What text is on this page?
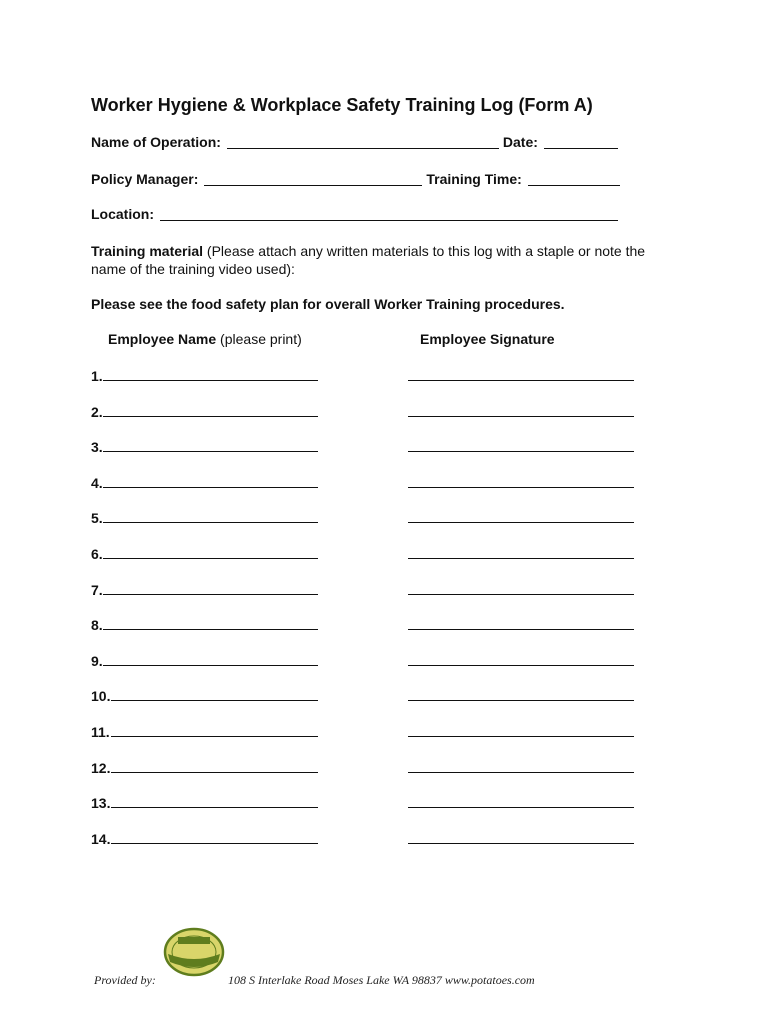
Worker Hygiene & Workplace Safety Training Log (Form A)
Name of Operation:	Date:
Policy Manager:	Training Time:
Location:
Training material (Please attach any written materials to this log with a staple or note the name of the training video used):
Please see the food safety plan for overall Worker Training procedures.
Employee Name (please print)	Employee Signature
1.
2.
3.
4.
5.
6.
7.
8.
9.
10.
11.
12.
13.
14.
Provided by:	108 S Interlake Road Moses Lake WA 98837 www.potatoes.com
